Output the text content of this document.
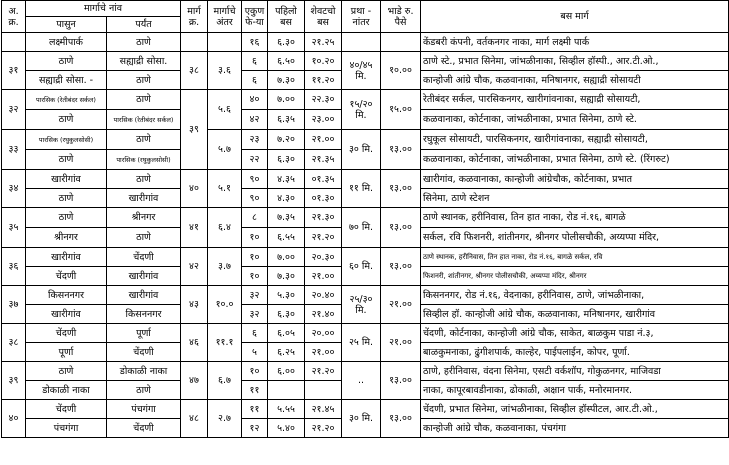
अ. क्र.	मार्गाचे नांव		मार्ग क्र.	मार्गाचे अंतर	एकुण फे-या	पहिलो बस	शेवटचो बस	प्रथा - नांतर	भाडे रु. पैसे	बस मार्ग
	पासुन	पर्यंत								
	लक्ष्मीपार्क	ठाणे			१६	६.३०	२१.२५			केंडबरी कंपनी, वर्तकनगर नाका, मार्ग लक्ष्मी पार्क
३१	ठाणे	सह्याद्री सोसा.	३८	३.६	६	६.५०	१०.२०	४०/४५ मि.	१०.००	ठाणे स्टे., प्रभात सिनेमा, जांभळीनाका, सिव्हील हॉस्पी., आर.टी.ओ.,
	सह्याद्री सोसा. -	ठाणे			६	७.३०	११.२०			कान्होजी आंग्रे चौक, कळवानाका, मनिषानगर, सह्याद्री सोसायटी
३२	पारसिक (रेतीबंदर सर्कल)	ठाणे	३९	५.६	४०	७.००	२२.३०	१५/२० मि.	१५.००	रेतीबंदर सर्कल, पारसिकनगर, खारीगांवनाका, सह्याद्री सोसायटी,
	ठाणे	पारसिक (रेतीबंदर सर्कल)			४२	६.३५	२३.००			कळवानाका, कोर्टनाका, जांभळीनाका, प्रभात सिनेमा, ठाणे स्टे.
३३	पारसिक (रघुकुलसोसी)	ठाणे		५.७	२३	७.२०	२१.००	३० मि.	१३.००	रघुकूल सोसायटी, पारसिकनगर, खारीगांवनाका, सह्याद्री सोसायटी,
	ठाणे	पारसिक (रघुकुलसोसी)			२२	६.३०	२१.३५			कळवानाका, कोर्टनाका, जांभळीनाका, प्रभात सिनेमा, ठाणे स्टे. (रिंगरुट)
३४	खारीगांव	ठाणे	४०	५.१	९०	४.३५	०१.३५	११ मि.	१३.००	खारीगांव, कळवानाका, कान्होजी आंग्रेचौक, कोर्टनाका, प्रभात
	ठाणे	खारीगांव			९०	४.३०	०१.३०			सिनेमा, ठाणे स्टेशन
३५	ठाणे	श्रीनगर	४१	६.४	८	७.३५	२१.३०	७० मि.	१३.००	ठाणे स्थानक, हरीनिवास, तिन हात नाका, रोड नं.१६, बागळे
	श्रीनगर	ठाणे			१०	६.५५	२१.२०			सर्कल, रवि फिशनरी, शांतीनगर, श्रीनगर पोलीसचौकी, अय्यप्पा मंदिर,
३६	खारीगांव	चेंदणी	४२	३.७	१०	७.००	२०.३०	६० मि.	१३.००	ठाणे स्थानक, हरीनिवास, तिन हात नाका, रोड नं.१६, बागळे सर्कल, रवि
	चेंदणी	खारीगांव			१०	७.३०	२१.००			फिशनरी, शांतीनगर, श्रीनगर पोलीसचौकी, अय्यप्पा मंदिर, श्रीनगर
३७	किसननगर	खारीगांव	४३	१०.०	३२	५.३०	२०.४०	२५/३० मि.	२१.००	किसननगर, रोड नं.१६, वेदनाका, हरीनिवास, ठाणे, जांभळीनाका,
	खारीगांव	किसननगर			३२	६.३०	२१.४०			सिव्हील हॉ. कान्होजी आंग्रे चौक, कळवानाका, मनिषानगर, खारीगांव
३८	चेंदणी	पूर्णा	४६	११.१	६	६.०५	२०.००	२५ मि.	२१.००	चेंदणी, कोर्टनाका, कान्होजी आंग्रे चौक, साकेत, बाळकुम पाडा नं.३,
	पूर्णा	चेंदणी			५	६.२५	२१.००			बाळकुमनाका, ढुंगीशपार्क, काल्हेर, पाईपलाईन, कोपर, पूर्णा.
३९	ठाणे	डोकाळी नाका	४७	६.७	१०	६.००	२१.२०	..	१३.००	ठाणे, हरीनिवास, वंदना सिनेमा, एसटी वर्कशॉप, गोकुळनगर, माजिवडा
	डोकाळी नाका	ठाणे			११					नाका, कापूरबावडीनाका, ढोकाळी, अक्षान पार्क, मनोरमानगर.
४०	चेंदणी	पंचगंगा	४८	२.७	११	५.५५	२१.४५	३० मि.	१३.००	चेंदणी, प्रभात सिनेमा, जांभळीनाका, सिव्हील हॉस्पीटल, आर.टी.ओ.,
	पंचगंगा	चेंदणी			१२	५.४०	२१.२०			कान्होजी आंग्रे चौक, कळवानाका, पंचगंगा
